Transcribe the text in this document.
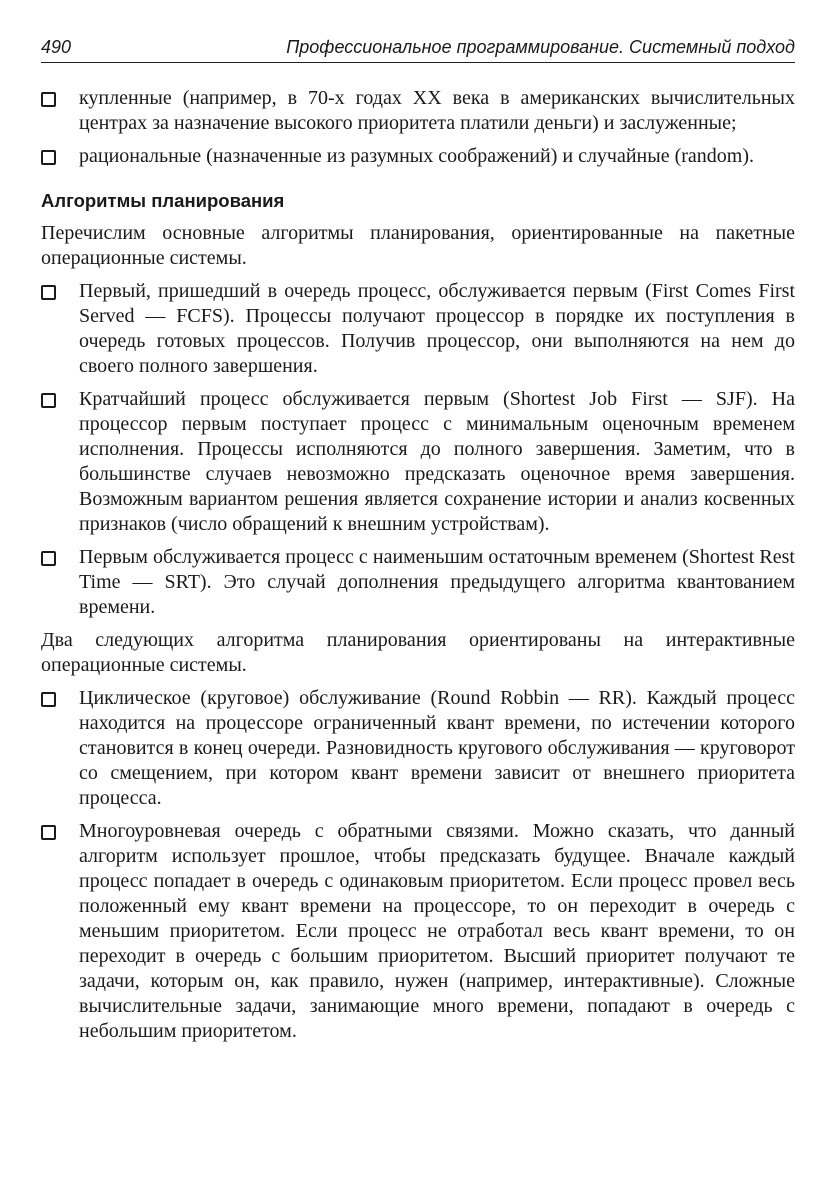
490	Профессиональное программирование. Системный подход
купленные (например, в 70-х годах XX века в американских вычислительных центрах за назначение высокого приоритета платили деньги) и заслуженные;
рациональные (назначенные из разумных соображений) и случайные (random).
Алгоритмы планирования

Перечислим основные алгоритмы планирования, ориентированные на пакетные операционные системы.

Первый, пришедший в очередь процесс, обслуживается первым (First Comes First Served — FCFS). Процессы получают процессор в порядке их поступления в очередь готовых процессов. Получив процессор, они выполняются на нем до своего полного завершения.
Кратчайший процесс обслуживается первым (Shortest Job First — SJF). На процессор первым поступает процесс с минимальным оценочным временем исполнения. Процессы исполняются до полного завершения. Заметим, что в большинстве случаев невозможно предсказать оценочное время завершения. Возможным вариантом решения является сохранение истории и анализ косвенных признаков (число обращений к внешним устройствам).
Первым обслуживается процесс с наименьшим остаточным временем (Shortest Rest Time — SRT). Это случай дополнения предыдущего алгоритма квантованием времени.

Два следующих алгоритма планирования ориентированы на интерактивные операционные системы.

Циклическое (круговое) обслуживание (Round Robbin — RR). Каждый процесс находится на процессоре ограниченный квант времени, по истечении которого становится в конец очереди. Разновидность кругового обслуживания — круговорот со смещением, при котором квант времени зависит от внешнего приоритета процесса.
Многоуровневая очередь с обратными связями. Можно сказать, что данный алгоритм использует прошлое, чтобы предсказать будущее. Вначале каждый процесс попадает в очередь с одинаковым приоритетом. Если процесс провел весь положенный ему квант времени на процессоре, то он переходит в очередь с меньшим приоритетом. Если процесс не отработал весь квант времени, то он переходит в очередь с большим приоритетом. Высший приоритет получают те задачи, которым он, как правило, нужен (например, интерактивные). Сложные вычислительные задачи, занимающие много времени, попадают в очередь с небольшим приоритетом.
